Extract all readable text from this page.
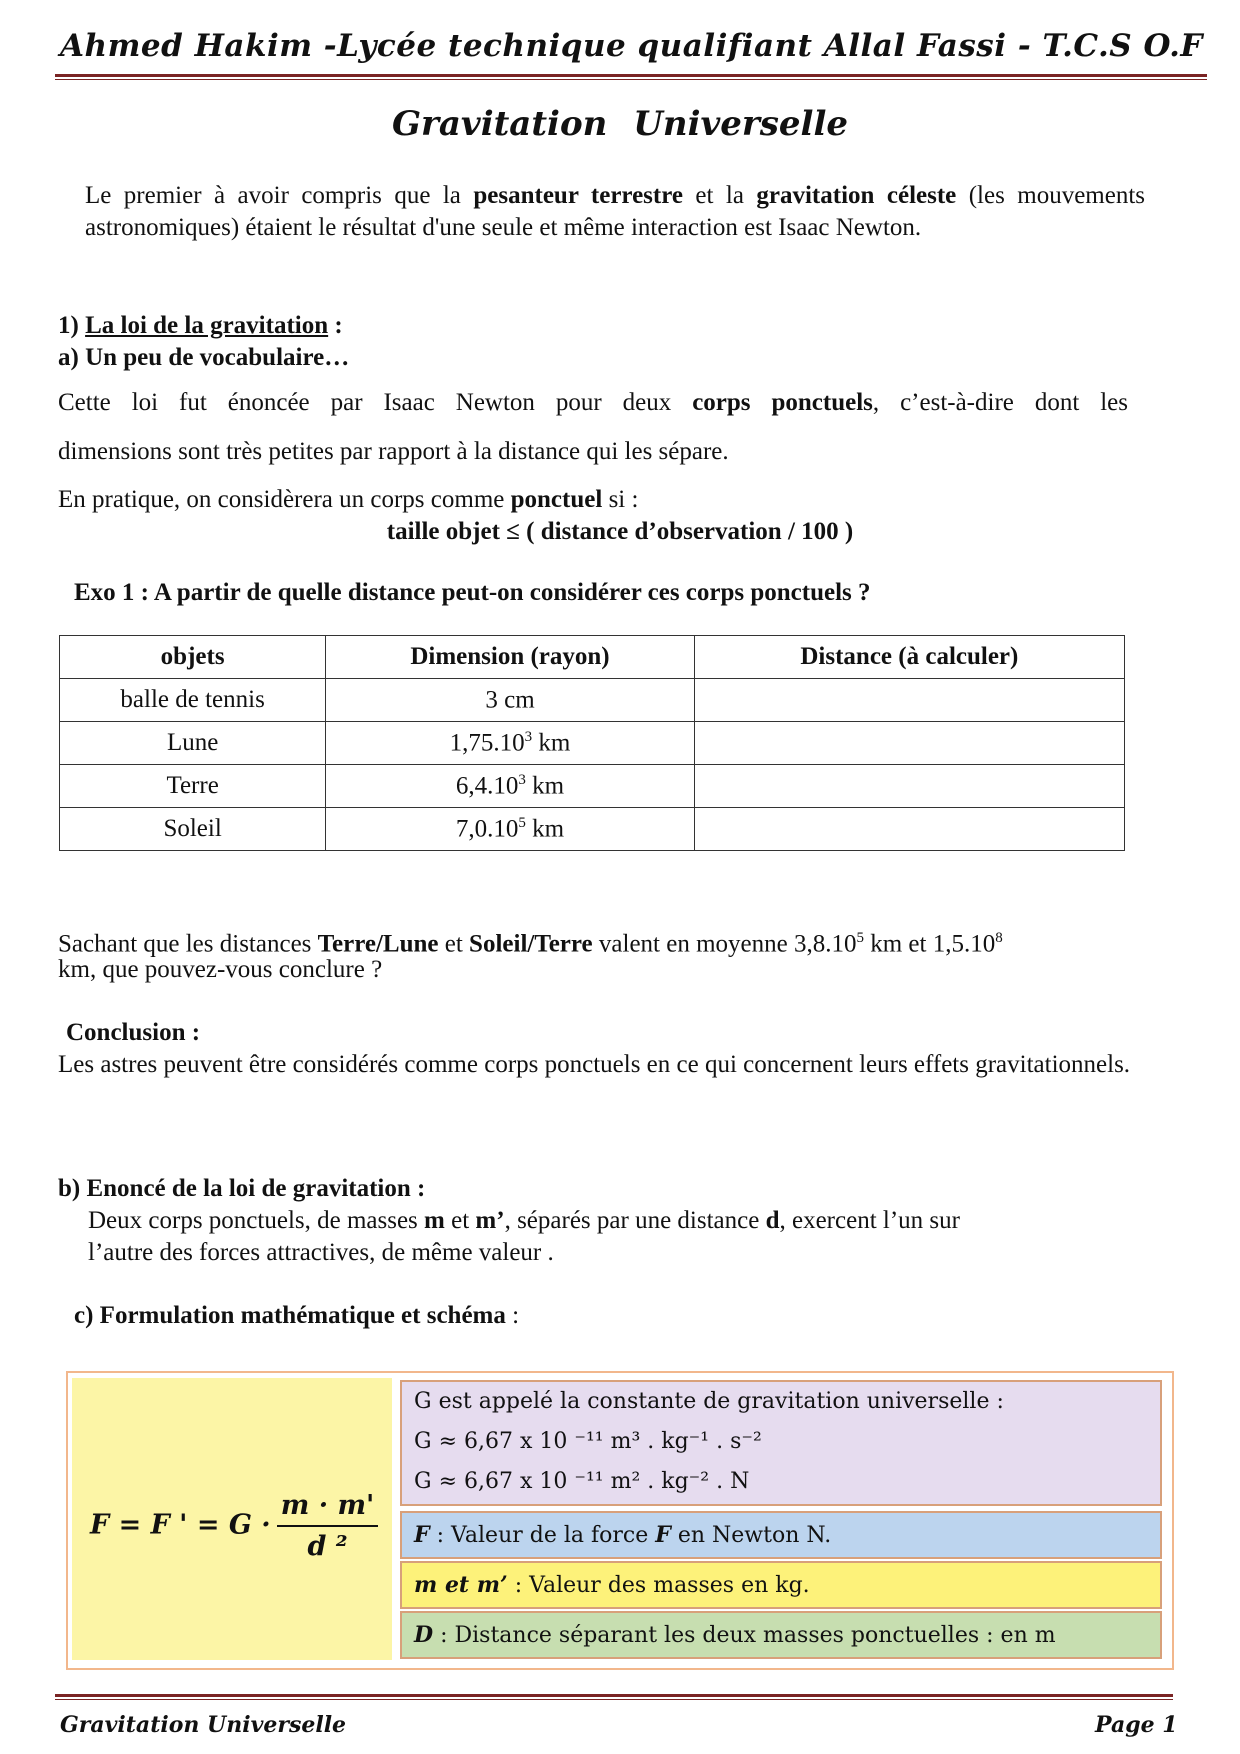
Ahmed Hakim -Lycée technique qualifiant Allal Fassi - T.C.S O.F
Gravitation Universelle
Le premier à avoir compris que la pesanteur terrestre et la gravitation céleste (les mouvements astronomiques) étaient le résultat d'une seule et même interaction est Isaac Newton.
1) La loi de la gravitation :
a) Un peu de vocabulaire…
Cette loi fut énoncée par Isaac Newton pour deux corps ponctuels, c’est-à-dire dont les
dimensions sont très petites par rapport à la distance qui les sépare.
En pratique, on considèrera un corps comme ponctuel si :
taille objet ≤ ( distance d’observation / 100 )
Exo 1 : A partir de quelle distance peut-on considérer ces corps ponctuels ?
objets	Dimension (rayon)	Distance (à calculer)
balle de tennis	3 cm	
Lune	1,75.10$^3$ km	
Terre	6,4.10$^3$ km	
Soleil	7,0.10$^5$ km	
Sachant que les distances Terre/Lune et Soleil/Terre valent en moyenne 3,8.10$^5$ km et 1,5.10$^8$
km, que pouvez-vous conclure ?
Conclusion :
Les astres peuvent être considérés comme corps ponctuels en ce qui concernent leurs effets gravitationnels.
b) Enoncé de la loi de gravitation :
Deux corps ponctuels, de masses m et m’, séparés par une distance d, exercent l’un sur
l’autre des forces attractives, de même valeur .
c) Formulation mathématique et schéma :
F = F ' = $G \cdot \frac{m \cdot m'}{\text{d ²}}$
G est appelé la constante de gravitation universelle :
G ≈ 6,67 x 10 ⁻¹¹ m³ . kg⁻¹ . s⁻²
G ≈ 6,67 x 10 ⁻¹¹ m² . kg⁻² . N
F : Valeur de la force F en Newton N.
m et m’ : Valeur des masses en kg.
D : Distance séparant les deux masses ponctuelles : en m
Gravitation Universelle	Page 1
